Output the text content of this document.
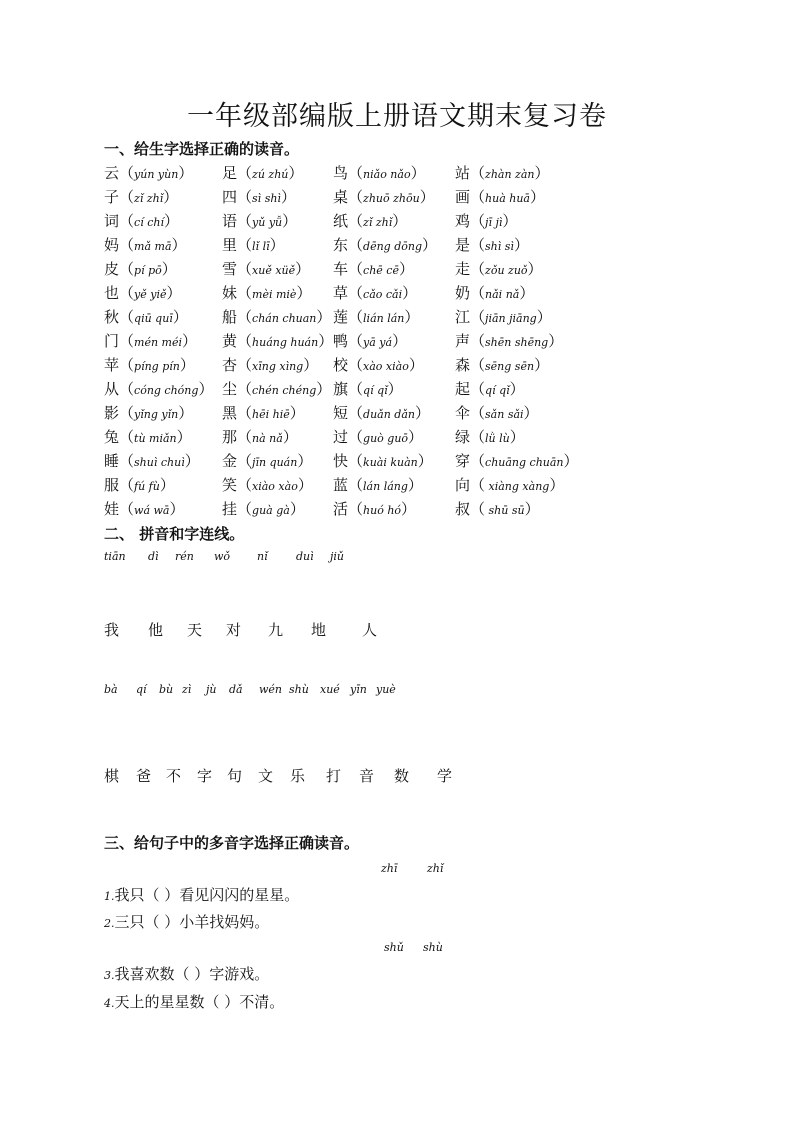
一年级部编版上册语文期末复习卷
一、给生字选择正确的读音。
云（yún yùn） 足（zú zhú） 鸟（niǎo nǎo） 站（zhàn zàn）
子（zǐ zhǐ）	四（sì shì） 桌（zhuō zhōu） 画（huà huā）
词（cí chí）	语（yǔ yǚ） 纸（zǐ zhǐ）	鸡（jī jì）
妈（mǎ mā） 里（lǐ lī）	东（dēng dōng） 是（shì sì）
皮（pí pō）	雪（xuě xüě） 车（chē cē）	走（zǒu zuǒ）
也（yě yiě）	妹（mèi miè） 草（cǎo cǎi）	奶（nǎi nǎ）
秋（qiū quī） 船（chán chuan） 莲（lián lán） 江（jiān jiāng）
门（mén méi） 黄（huáng huán） 鸭（yā yá）	声（shēn shēng）
苹（píng pín） 杏（xīng xìng） 校（xào xiào） 森（sēng sēn）
从（cóng chóng） 尘（chén chéng） 旗（qí qǐ）	起（qí qǐ）
影（yǐng yǐn） 黑（hēi hiē） 短（duǎn dǎn） 伞（sǎn sǎi）
兔（tù miǎn） 那（nà nǎ） 过（guò guō） 绿（lǜ lù）
睡（shuì chuì） 金（jīn quán） 快（kuài kuàn） 穿（chuāng chuān）
服（fú fù）	笑（xiào xào） 蓝（lán láng） 向（ xiàng xàng）
娃（wá wā）	挂（guà gà） 活（huó hó）	叔（ shū sū）
二、 拼音和字连线。
tiān dì rén wǒ nǐ	duì jiǔ
我 他 天 对 九 地 人
bà qí bù zì jù dǎ wén shù xué yīn yuè
棋 爸 不 字 句 文 乐 打 音 数 学
三、给句子中的多音字选择正确读音。
zhī	zhǐ
shǔ shù
1.我只（ ）看见闪闪的星星。
2.三只（ ）小羊找妈妈。
3.我喜欢数（ ）字游戏。
4.天上的星星数（ ）不清。
